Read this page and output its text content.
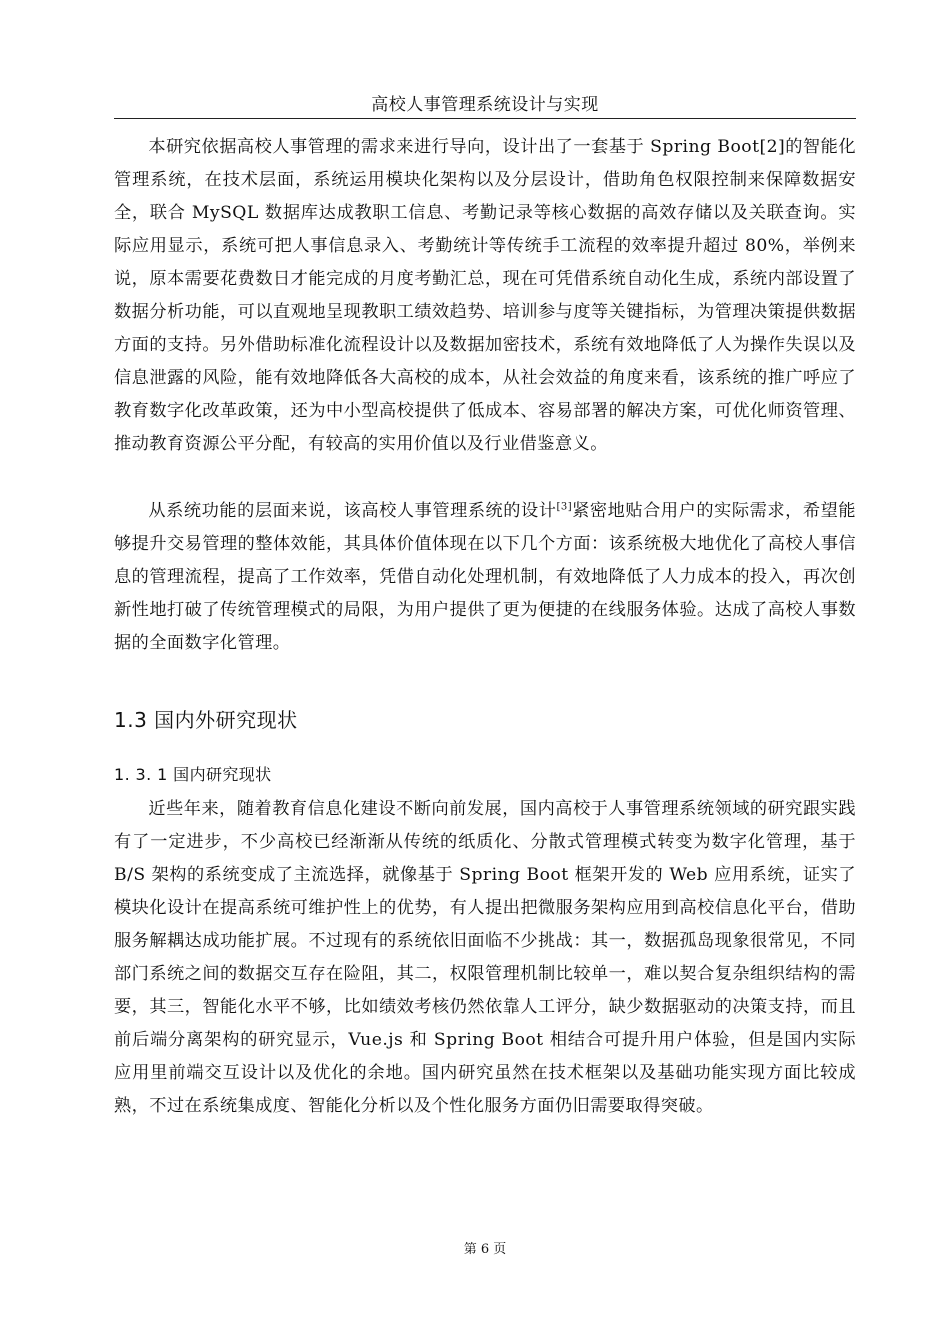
高校人事管理系统设计与实现

本研究依据高校人事管理的需求来进行导向，设计出了一套基于 Spring Boot[2]的智能化管理系统，在技术层面，系统运用模块化架构以及分层设计，借助角色权限控制来保障数据安全，联合 MySQL 数据库达成教职工信息、考勤记录等核心数据的高效存储以及关联查询。实际应用显示，系统可把人事信息录入、考勤统计等传统手工流程的效率提升超过 80%，举例来说，原本需要花费数日才能完成的月度考勤汇总，现在可凭借系统自动化生成，系统内部设置了数据分析功能，可以直观地呈现教职工绩效趋势、培训参与度等关键指标，为管理决策提供数据方面的支持。另外借助标准化流程设计以及数据加密技术，系统有效地降低了人为操作失误以及信息泄露的风险，能有效地降低各大高校的成本，从社会效益的角度来看，该系统的推广呼应了教育数字化改革政策，还为中小型高校提供了低成本、容易部署的解决方案，可优化师资管理、推动教育资源公平分配，有较高的实用价值以及行业借鉴意义。

从系统功能的层面来说，该高校人事管理系统的设计[3]紧密地贴合用户的实际需求，希望能够提升交易管理的整体效能，其具体价值体现在以下几个方面：该系统极大地优化了高校人事信息的管理流程，提高了工作效率，凭借自动化处理机制，有效地降低了人力成本的投入，再次创新性地打破了传统管理模式的局限，为用户提供了更为便捷的在线服务体验。达成了高校人事数据的全面数字化管理。

1.3 国内外研究现状
1. 3. 1 国内研究现状

近些年来，随着教育信息化建设不断向前发展，国内高校于人事管理系统领域的研究跟实践有了一定进步，不少高校已经渐渐从传统的纸质化、分散式管理模式转变为数字化管理，基于 B/S 架构的系统变成了主流选择，就像基于 Spring Boot 框架开发的 Web 应用系统，证实了模块化设计在提高系统可维护性上的优势，有人提出把微服务架构应用到高校信息化平台，借助服务解耦达成功能扩展。不过现有的系统依旧面临不少挑战：其一，数据孤岛现象很常见，不同部门系统之间的数据交互存在险阻，其二，权限管理机制比较单一，难以契合复杂组织结构的需要，其三，智能化水平不够，比如绩效考核仍然依靠人工评分，缺少数据驱动的决策支持，而且前后端分离架构的研究显示，Vue.js 和 Spring Boot 相结合可提升用户体验，但是国内实际应用里前端交互设计以及优化的余地。国内研究虽然在技术框架以及基础功能实现方面比较成熟，不过在系统集成度、智能化分析以及个性化服务方面仍旧需要取得突破。

第 6 页
